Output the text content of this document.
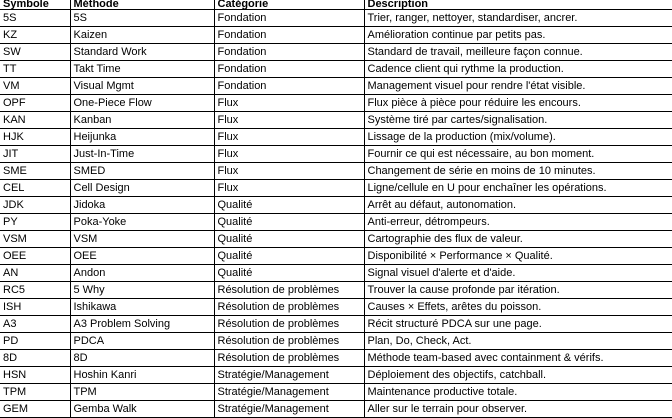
Symbole	Méthode	Catégorie	Description
5S	5S	Fondation	Trier, ranger, nettoyer, standardiser, ancrer.
KZ	Kaizen	Fondation	Amélioration continue par petits pas.
SW	Standard Work	Fondation	Standard de travail, meilleure façon connue.
TT	Takt Time	Fondation	Cadence client qui rythme la production.
VM	Visual Mgmt	Fondation	Management visuel pour rendre l'état visible.
OPF	One-Piece Flow	Flux	Flux pièce à pièce pour réduire les encours.
KAN	Kanban	Flux	Système tiré par cartes/signalisation.
HJK	Heijunka	Flux	Lissage de la production (mix/volume).
JIT	Just-In-Time	Flux	Fournir ce qui est nécessaire, au bon moment.
SME	SMED	Flux	Changement de série en moins de 10 minutes.
CEL	Cell Design	Flux	Ligne/cellule en U pour enchaîner les opérations.
JDK	Jidoka	Qualité	Arrêt au défaut, autonomation.
PY	Poka-Yoke	Qualité	Anti-erreur, détrompeurs.
VSM	VSM	Qualité	Cartographie des flux de valeur.
OEE	OEE	Qualité	Disponibilité × Performance × Qualité.
AN	Andon	Qualité	Signal visuel d'alerte et d'aide.
RC5	5 Why	Résolution de problèmes	Trouver la cause profonde par itération.
ISH	Ishikawa	Résolution de problèmes	Causes × Effets, arêtes du poisson.
A3	A3 Problem Solving	Résolution de problèmes	Récit structuré PDCA sur une page.
PD	PDCA	Résolution de problèmes	Plan, Do, Check, Act.
8D	8D	Résolution de problèmes	Méthode team-based avec containment & vérifs.
HSN	Hoshin Kanri	Stratégie/Management	Déploiement des objectifs, catchball.
TPM	TPM	Stratégie/Management	Maintenance productive totale.
GEM	Gemba Walk	Stratégie/Management	Aller sur le terrain pour observer.
